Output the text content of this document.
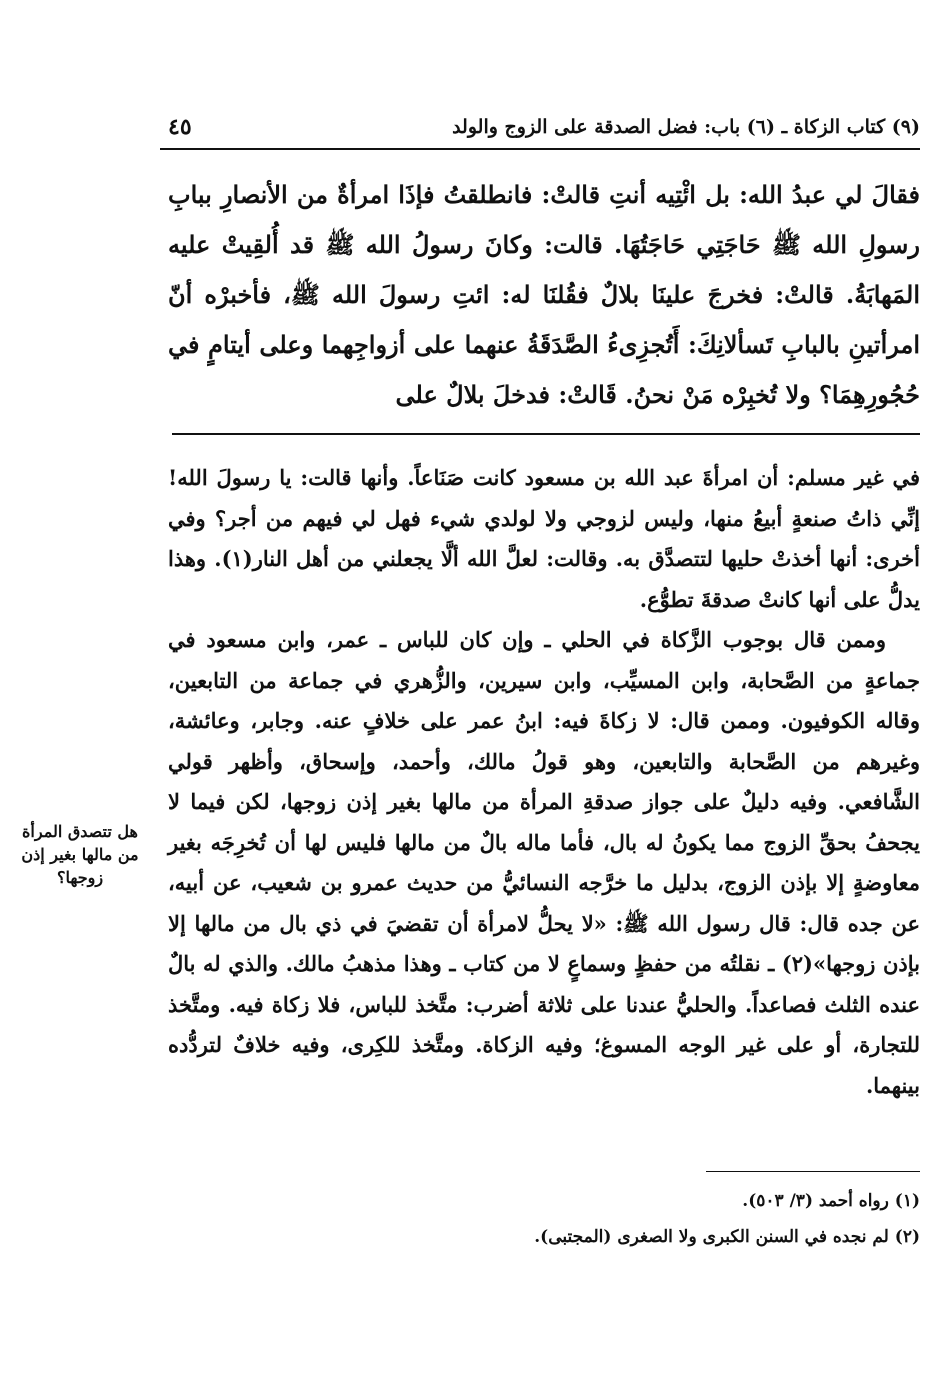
(٩) كتاب الزكاة ـ (٦) باب: فضل الصدقة على الزوج والولد
٤٥

فقالَ لي عبدُ الله: بل ائْتِيه أنتِ قالتْ: فانطلقتُ فإذَا امرأةٌ من الأنصارِ ببابِ رسولِ الله ﷺ حَاجَتِي حَاجَتُهَا. قالت: وكانَ رسولُ الله ﷺ قد أُلقِيتْ عليه المَهابَةُ. قالتْ: فخرجَ علينَا بلالٌ فقُلنَا له: ائتِ رسولَ الله ﷺ، فأخبرْه أنّ امرأتينِ بالبابِ تَسألانِكَ: أَتُجزِىءُ الصَّدَقَةُ عنهما على أزواجِهما وعلى أيتامٍ في حُجُورِهِمَا؟ ولا تُخبِرْه مَنْ نحنُ. قَالتْ: فدخلَ بلالٌ على

في غير مسلم: أن امرأةَ عبد الله بن مسعود كانت صَنَاعاً. وأنها قالت: يا رسولَ الله! إنِّي ذاتُ صنعةٍ أبيعُ منها، وليس لزوجي ولا لولدي شيء فهل لي فيهم من أجر؟ وفي أخرى: أنها أخذتْ حليها لتتصدَّق به. وقالت: لعلَّ الله ألَّا يجعلني من أهل النار(١). وهذا يدلُّ على أنها كانتْ صدقةَ تطوُّع.

وممن قال بوجوب الزَّكاة في الحلي ـ وإن كان للباس ـ عمر، وابن مسعود في جماعةٍ من الصَّحابة، وابن المسيِّب، وابن سيرين، والزُّهري في جماعة من التابعين، وقاله الكوفيون. وممن قال: لا زكاةَ فيه: ابنُ عمر على خلافٍ عنه. وجابر، وعائشة، وغيرهم من الصَّحابة والتابعين، وهو قولُ مالك، وأحمد، وإسحاق، وأظهر قولي الشَّافعي. وفيه دليلٌ على جواز صدقةِ المرأة من مالها بغير إذن زوجها، لكن فيما لا يجحفُ بحقِّ الزوج مما يكونُ له بال، فأما ماله بالٌ من مالها فليس لها أن تُخرِجَه بغير معاوضةٍ إلا بإذن الزوج، بدليل ما خرَّجه النسائيُّ من حديث عمرو بن شعيب، عن أبيه، عن جده قال: قال رسول الله ﷺ: «لا يحلُّ لامرأة أن تقضيَ في ذي بال من مالها إلا بإذن زوجها»(٢) ـ نقلتُه من حفظٍ وسماعٍ لا من كتاب ـ وهذا مذهبُ مالك. والذي له بالٌ عنده الثلث فصاعداً. والحليُّ عندنا على ثلاثة أضرب: متَّخذ للباس، فلا زكاة فيه. ومتَّخذ للتجارة، أو على غير الوجه المسوغ؛ وفيه الزكاة. ومتَّخذ للكِرى، وفيه خلافٌ لتردُّده بينهما.

هل تتصدق المرأة من مالها بغير إذن زوجها؟

(١) رواه أحمد (٣/ ٥٠٣).

(٢) لم نجده في السنن الكبرى ولا الصغرى (المجتبى).
